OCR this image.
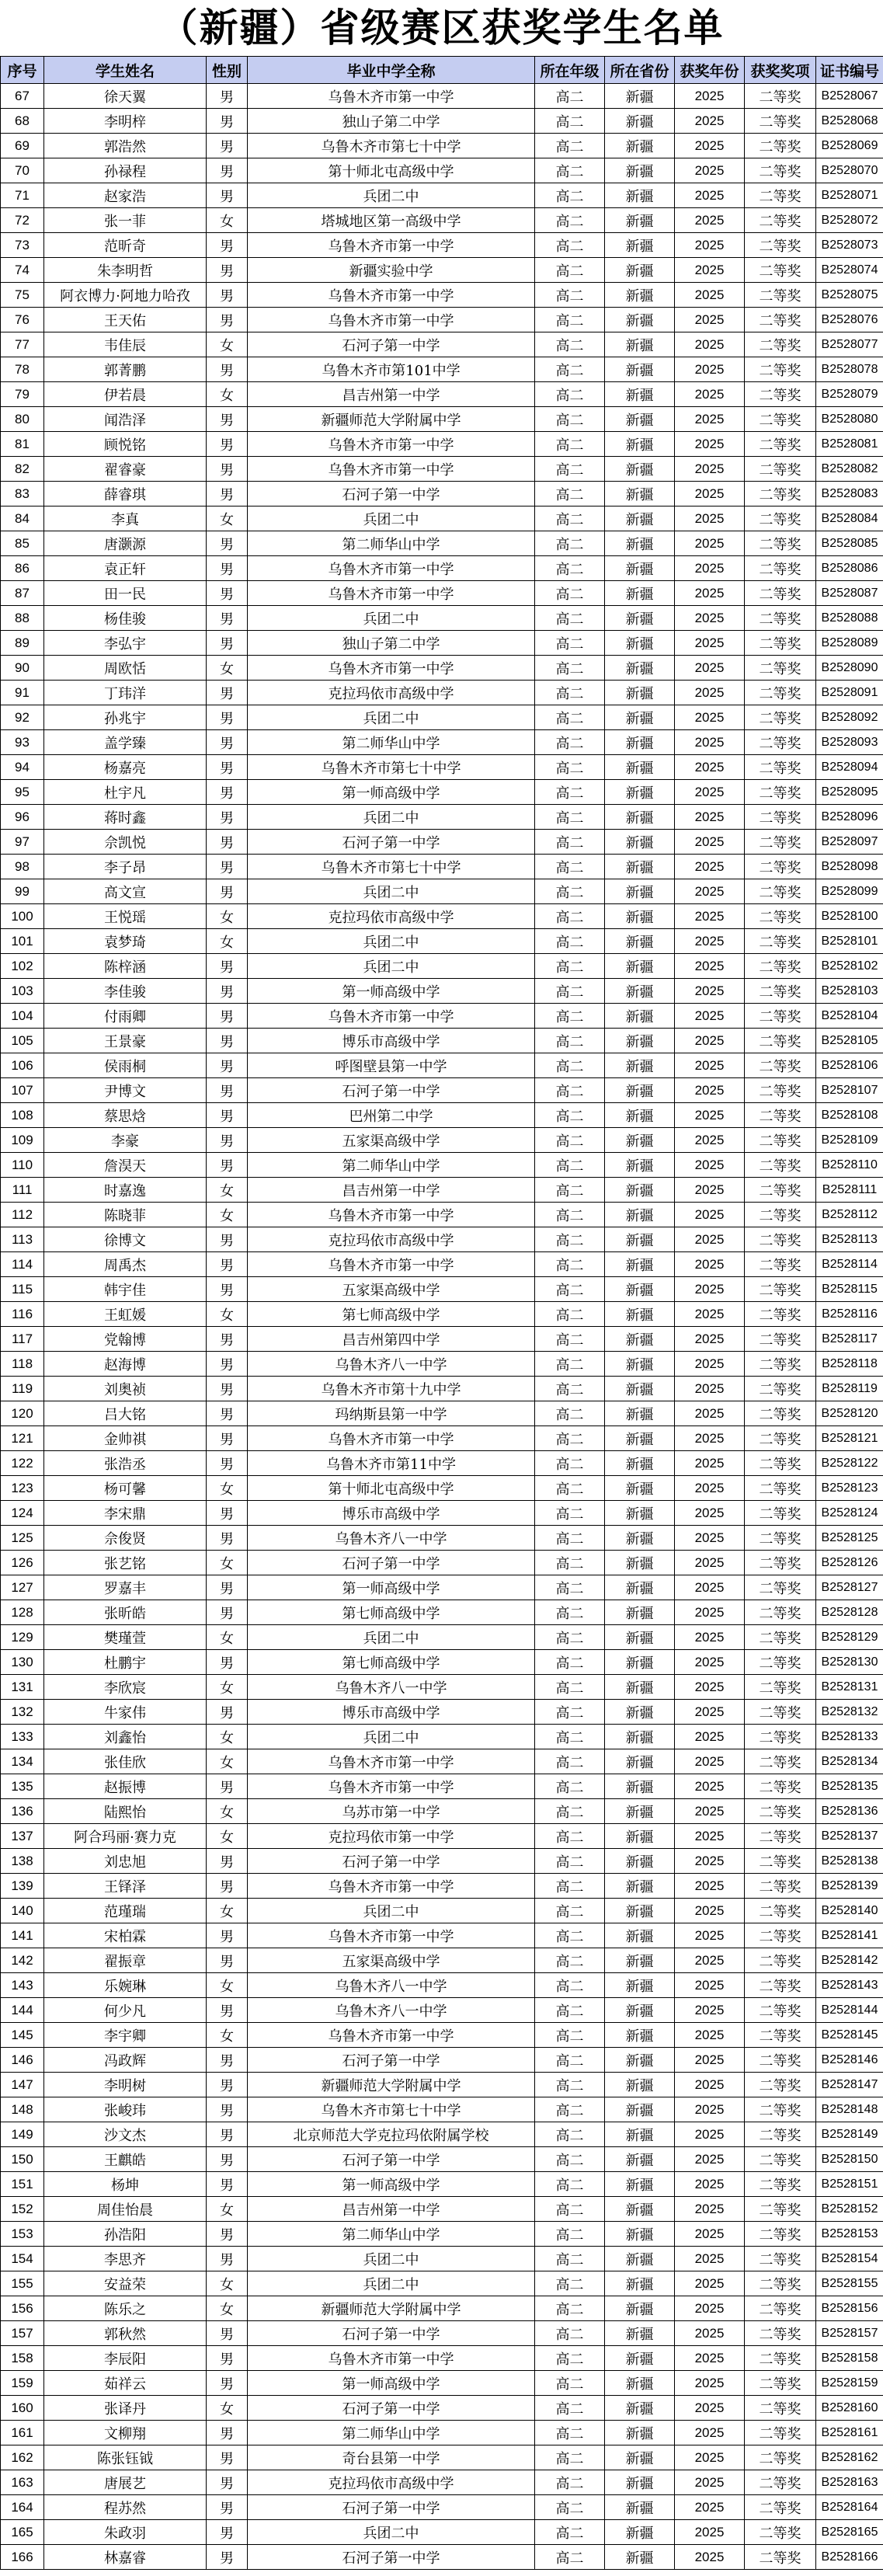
（新疆）省级赛区获奖学生名单
序号	学生姓名	性别	毕业中学全称	所在年级	所在省份	获奖年份	获奖奖项	证书编号
67	徐天翼	男	乌鲁木齐市第一中学	高二	新疆	2025	二等奖	B2528067
68	李明梓	男	独山子第二中学	高二	新疆	2025	二等奖	B2528068
69	郭浩然	男	乌鲁木齐市第七十中学	高二	新疆	2025	二等奖	B2528069
70	孙禄程	男	第十师北屯高级中学	高二	新疆	2025	二等奖	B2528070
71	赵家浩	男	兵团二中	高二	新疆	2025	二等奖	B2528071
72	张一菲	女	塔城地区第一高级中学	高二	新疆	2025	二等奖	B2528072
73	范昕奇	男	乌鲁木齐市第一中学	高二	新疆	2025	二等奖	B2528073
74	朱李明哲	男	新疆实验中学	高二	新疆	2025	二等奖	B2528074
75	阿衣博力·阿地力哈孜	男	乌鲁木齐市第一中学	高二	新疆	2025	二等奖	B2528075
76	王天佑	男	乌鲁木齐市第一中学	高二	新疆	2025	二等奖	B2528076
77	韦佳辰	女	石河子第一中学	高二	新疆	2025	二等奖	B2528077
78	郭菁鹏	男	乌鲁木齐市第101中学	高二	新疆	2025	二等奖	B2528078
79	伊若晨	女	昌吉州第一中学	高二	新疆	2025	二等奖	B2528079
80	闻浩泽	男	新疆师范大学附属中学	高二	新疆	2025	二等奖	B2528080
81	顾悦铭	男	乌鲁木齐市第一中学	高二	新疆	2025	二等奖	B2528081
82	翟睿豪	男	乌鲁木齐市第一中学	高二	新疆	2025	二等奖	B2528082
83	薛睿琪	男	石河子第一中学	高二	新疆	2025	二等奖	B2528083
84	李真	女	兵团二中	高二	新疆	2025	二等奖	B2528084
85	唐灏源	男	第二师华山中学	高二	新疆	2025	二等奖	B2528085
86	袁正轩	男	乌鲁木齐市第一中学	高二	新疆	2025	二等奖	B2528086
87	田一民	男	乌鲁木齐市第一中学	高二	新疆	2025	二等奖	B2528087
88	杨佳骏	男	兵团二中	高二	新疆	2025	二等奖	B2528088
89	李弘宇	男	独山子第二中学	高二	新疆	2025	二等奖	B2528089
90	周欧恬	女	乌鲁木齐市第一中学	高二	新疆	2025	二等奖	B2528090
91	丁玮洋	男	克拉玛依市高级中学	高二	新疆	2025	二等奖	B2528091
92	孙兆宇	男	兵团二中	高二	新疆	2025	二等奖	B2528092
93	盖学臻	男	第二师华山中学	高二	新疆	2025	二等奖	B2528093
94	杨嘉亮	男	乌鲁木齐市第七十中学	高二	新疆	2025	二等奖	B2528094
95	杜宇凡	男	第一师高级中学	高二	新疆	2025	二等奖	B2528095
96	蒋时鑫	男	兵团二中	高二	新疆	2025	二等奖	B2528096
97	佘凯悦	男	石河子第一中学	高二	新疆	2025	二等奖	B2528097
98	李子昂	男	乌鲁木齐市第七十中学	高二	新疆	2025	二等奖	B2528098
99	高文宣	男	兵团二中	高二	新疆	2025	二等奖	B2528099
100	王悦瑶	女	克拉玛依市高级中学	高二	新疆	2025	二等奖	B2528100
101	袁梦琦	女	兵团二中	高二	新疆	2025	二等奖	B2528101
102	陈梓涵	男	兵团二中	高二	新疆	2025	二等奖	B2528102
103	李佳骏	男	第一师高级中学	高二	新疆	2025	二等奖	B2528103
104	付雨卿	男	乌鲁木齐市第一中学	高二	新疆	2025	二等奖	B2528104
105	王景豪	男	博乐市高级中学	高二	新疆	2025	二等奖	B2528105
106	侯雨桐	男	呼图壁县第一中学	高二	新疆	2025	二等奖	B2528106
107	尹博文	男	石河子第一中学	高二	新疆	2025	二等奖	B2528107
108	蔡思焓	男	巴州第二中学	高二	新疆	2025	二等奖	B2528108
109	李豪	男	五家渠高级中学	高二	新疆	2025	二等奖	B2528109
110	詹淏天	男	第二师华山中学	高二	新疆	2025	二等奖	B2528110
111	时嘉逸	女	昌吉州第一中学	高二	新疆	2025	二等奖	B2528111
112	陈晓菲	女	乌鲁木齐市第一中学	高二	新疆	2025	二等奖	B2528112
113	徐博文	男	克拉玛依市高级中学	高二	新疆	2025	二等奖	B2528113
114	周禹杰	男	乌鲁木齐市第一中学	高二	新疆	2025	二等奖	B2528114
115	韩宇佳	男	五家渠高级中学	高二	新疆	2025	二等奖	B2528115
116	王虹媛	女	第七师高级中学	高二	新疆	2025	二等奖	B2528116
117	党翰博	男	昌吉州第四中学	高二	新疆	2025	二等奖	B2528117
118	赵海博	男	乌鲁木齐八一中学	高二	新疆	2025	二等奖	B2528118
119	刘奥祯	男	乌鲁木齐市第十九中学	高二	新疆	2025	二等奖	B2528119
120	吕大铭	男	玛纳斯县第一中学	高二	新疆	2025	二等奖	B2528120
121	金帅祺	男	乌鲁木齐市第一中学	高二	新疆	2025	二等奖	B2528121
122	张浩丞	男	乌鲁木齐市第11中学	高二	新疆	2025	二等奖	B2528122
123	杨可馨	女	第十师北屯高级中学	高二	新疆	2025	二等奖	B2528123
124	李宋鼎	男	博乐市高级中学	高二	新疆	2025	二等奖	B2528124
125	佘俊贤	男	乌鲁木齐八一中学	高二	新疆	2025	二等奖	B2528125
126	张艺铭	女	石河子第一中学	高二	新疆	2025	二等奖	B2528126
127	罗嘉丰	男	第一师高级中学	高二	新疆	2025	二等奖	B2528127
128	张昕皓	男	第七师高级中学	高二	新疆	2025	二等奖	B2528128
129	樊瑾萱	女	兵团二中	高二	新疆	2025	二等奖	B2528129
130	杜鹏宇	男	第七师高级中学	高二	新疆	2025	二等奖	B2528130
131	李欣宸	女	乌鲁木齐八一中学	高二	新疆	2025	二等奖	B2528131
132	牛家伟	男	博乐市高级中学	高二	新疆	2025	二等奖	B2528132
133	刘鑫怡	女	兵团二中	高二	新疆	2025	二等奖	B2528133
134	张佳欣	女	乌鲁木齐市第一中学	高二	新疆	2025	二等奖	B2528134
135	赵振博	男	乌鲁木齐市第一中学	高二	新疆	2025	二等奖	B2528135
136	陆熙怡	女	乌苏市第一中学	高二	新疆	2025	二等奖	B2528136
137	阿合玛丽·赛力克	女	克拉玛依市第一中学	高二	新疆	2025	二等奖	B2528137
138	刘忠旭	男	石河子第一中学	高二	新疆	2025	二等奖	B2528138
139	王铎泽	男	乌鲁木齐市第一中学	高二	新疆	2025	二等奖	B2528139
140	范瑾瑞	女	兵团二中	高二	新疆	2025	二等奖	B2528140
141	宋柏霖	男	乌鲁木齐市第一中学	高二	新疆	2025	二等奖	B2528141
142	翟振章	男	五家渠高级中学	高二	新疆	2025	二等奖	B2528142
143	乐婉琳	女	乌鲁木齐八一中学	高二	新疆	2025	二等奖	B2528143
144	何少凡	男	乌鲁木齐八一中学	高二	新疆	2025	二等奖	B2528144
145	李宇卿	女	乌鲁木齐市第一中学	高二	新疆	2025	二等奖	B2528145
146	冯政辉	男	石河子第一中学	高二	新疆	2025	二等奖	B2528146
147	李明树	男	新疆师范大学附属中学	高二	新疆	2025	二等奖	B2528147
148	张峻玮	男	乌鲁木齐市第七十中学	高二	新疆	2025	二等奖	B2528148
149	沙文杰	男	北京师范大学克拉玛依附属学校	高二	新疆	2025	二等奖	B2528149
150	王麒皓	男	石河子第一中学	高二	新疆	2025	二等奖	B2528150
151	杨坤	男	第一师高级中学	高二	新疆	2025	二等奖	B2528151
152	周佳怡晨	女	昌吉州第一中学	高二	新疆	2025	二等奖	B2528152
153	孙浩阳	男	第二师华山中学	高二	新疆	2025	二等奖	B2528153
154	李思齐	男	兵团二中	高二	新疆	2025	二等奖	B2528154
155	安益荣	女	兵团二中	高二	新疆	2025	二等奖	B2528155
156	陈乐之	女	新疆师范大学附属中学	高二	新疆	2025	二等奖	B2528156
157	郭秋然	男	石河子第一中学	高二	新疆	2025	二等奖	B2528157
158	李辰阳	男	乌鲁木齐市第一中学	高二	新疆	2025	二等奖	B2528158
159	茹祥云	男	第一师高级中学	高二	新疆	2025	二等奖	B2528159
160	张译丹	女	石河子第一中学	高二	新疆	2025	二等奖	B2528160
161	文柳翔	男	第二师华山中学	高二	新疆	2025	二等奖	B2528161
162	陈张钰钺	男	奇台县第一中学	高二	新疆	2025	二等奖	B2528162
163	唐展艺	男	克拉玛依市高级中学	高二	新疆	2025	二等奖	B2528163
164	程苏然	男	石河子第一中学	高二	新疆	2025	二等奖	B2528164
165	朱政羽	男	兵团二中	高二	新疆	2025	二等奖	B2528165
166	林嘉睿	男	石河子第一中学	高二	新疆	2025	二等奖	B2528166
